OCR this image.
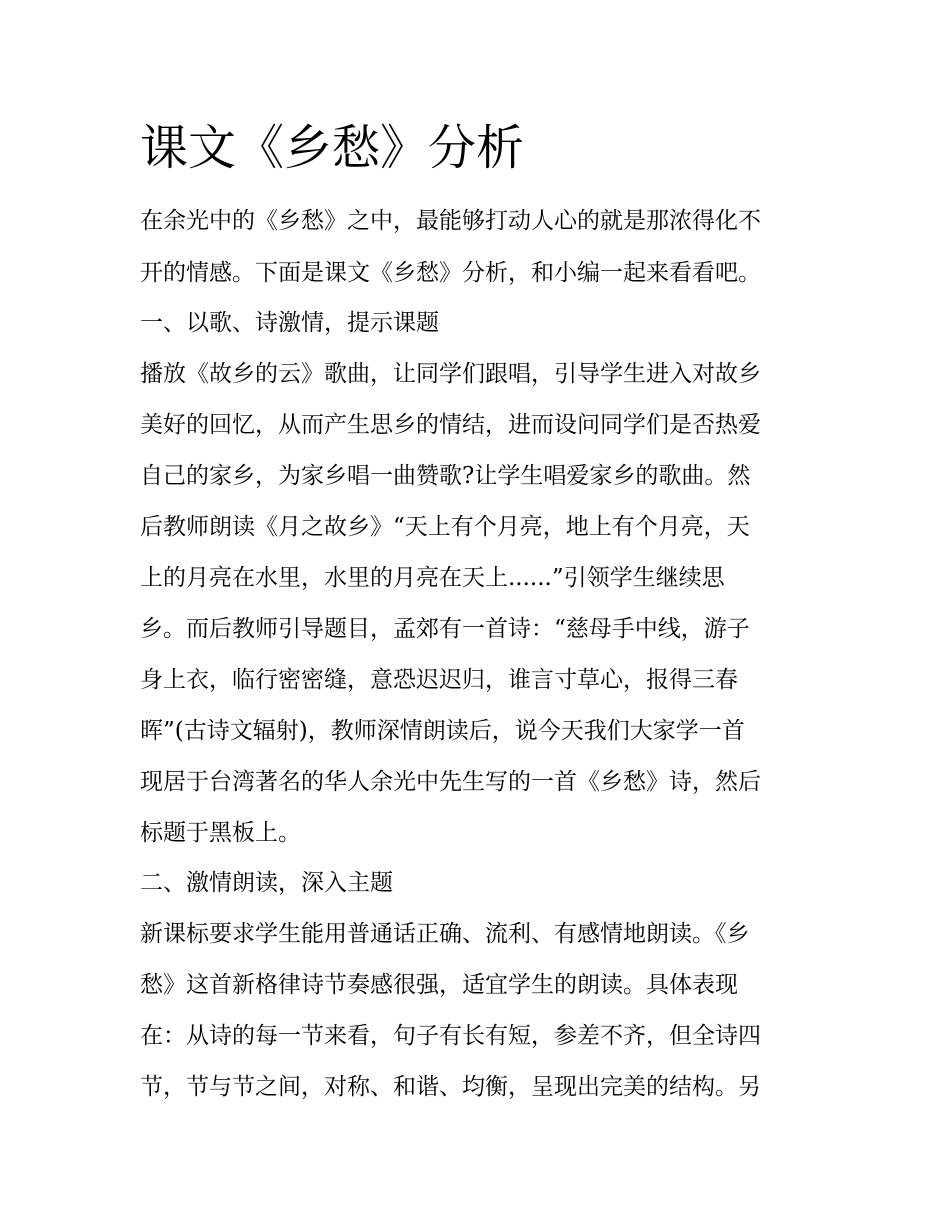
课文《乡愁》分析
在余光中的《乡愁》之中，最能够打动人心的就是那浓得化不
开的情感。下面是课文《乡愁》分析，和小编一起来看看吧。
一、以歌、诗激情，提示课题
播放《故乡的云》歌曲，让同学们跟唱，引导学生进入对故乡
美好的回忆，从而产生思乡的情结，进而设问同学们是否热爱
自己的家乡，为家乡唱一曲赞歌?让学生唱爱家乡的歌曲。然
后教师朗读《月之故乡》“天上有个月亮，地上有个月亮，天
上的月亮在水里，水里的月亮在天上......”引领学生继续思
乡。而后教师引导题目，孟郊有一首诗：“慈母手中线，游子
身上衣，临行密密缝，意恐迟迟归，谁言寸草心，报得三春
晖”(古诗文辐射)，教师深情朗读后，说今天我们大家学一首
现居于台湾著名的华人余光中先生写的一首《乡愁》诗，然后
标题于黑板上。
二、激情朗读，深入主题
新课标要求学生能用普通话正确、流利、有感情地朗读。《乡
愁》这首新格律诗节奏感很强，适宜学生的朗读。具体表现
在：从诗的每一节来看，句子有长有短，参差不齐，但全诗四
节，节与节之间，对称、和谐、均衡，呈现出完美的结构。另
